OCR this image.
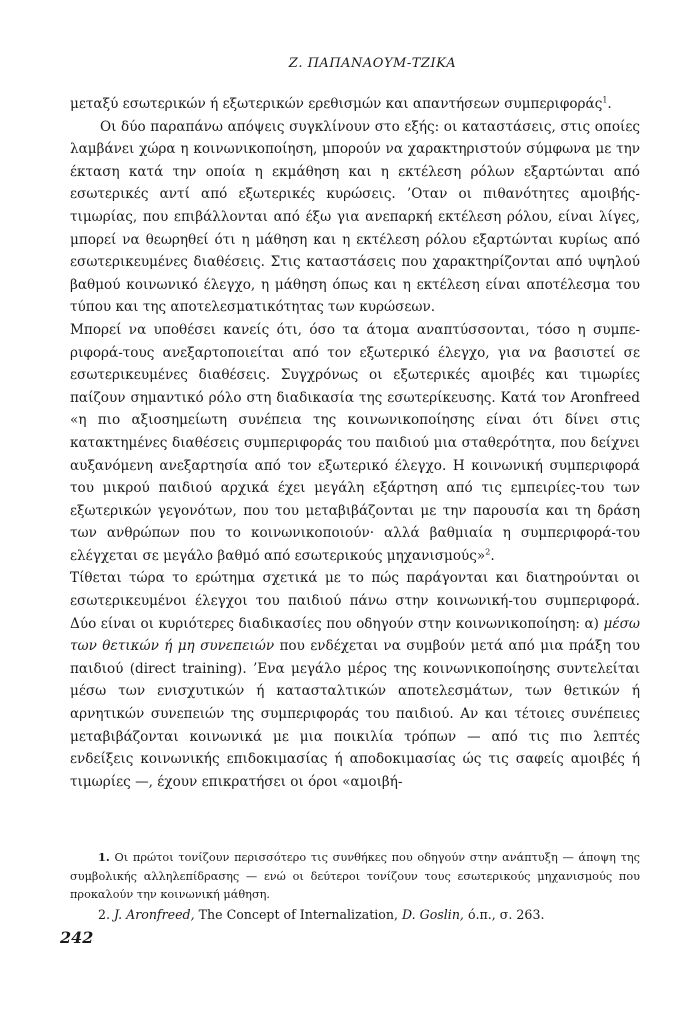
Ζ. ΠΑΠΑΝΑΟΥΜ-ΤΖΙΚΑ

μεταξύ εσωτερικών ή εξωτερικών ερεθισμών και απαντήσεων συμπεριφοράς$^1$.

Οι δύο παραπάνω απόψεις συγκλίνουν στο εξής: οι καταστάσεις, στις οποίες λαμβάνει χώρα η κοινωνικοποίηση, μπορούν να χαρακτηριστούν σύμφωνα με την έκταση κατά την οποία η εκμάθηση και η εκτέλεση ρόλων εξαρτώνται από εσωτερικές αντί από εξωτερικές κυρώσεις. ’Οταν οι πιθανότητες αμοιβής-τιμωρίας, που επιβάλλονται από έξω για ανεπαρκή εκτέλεση ρόλου, είναι λίγες, μπορεί να θεωρηθεί ότι η μάθηση και η εκτέλεση ρόλου εξαρτώνται κυρίως από εσωτερικευμένες διαθέσεις. Στις καταστάσεις που χαρακτηρίζονται από υψηλού βαθμού κοινωνικό έλεγχο, η μάθηση όπως και η εκτέλεση είναι αποτέλεσμα του τύπου και της αποτελεσματικότητας των κυρώσεων.

Μπορεί να υποθέσει κανείς ότι, όσο τα άτομα αναπτύσσονται, τόσο η συμπεριφορά-τους ανεξαρτοποιείται από τον εξωτερικό έλεγχο, για να βασιστεί σε εσωτερικευμένες διαθέσεις. Συγχρόνως οι εξωτερικές αμοιβές και τιμωρίες παίζουν σημαντικό ρόλο στη διαδικασία της εσωτερίκευσης. Κατά τον Aronfreed «η πιο αξιοσημείωτη συνέπεια της κοινωνικοποίησης είναι ότι δίνει στις κατακτημένες διαθέσεις συμπεριφοράς του παιδιού μια σταθερότητα, που δείχνει αυξανόμενη ανεξαρτησία από τον εξωτερικό έλεγχο. Η κοινωνική συμπεριφορά του μικρού παιδιού αρχικά έχει μεγάλη εξάρτηση από τις εμπειρίες-του των εξωτερικών γεγονότων, που του μεταβιβάζονται με την παρουσία και τη δράση των ανθρώπων που το κοινωνικοποιούν· αλλά βαθμιαία η συμπεριφορά-του ελέγχεται σε μεγάλο βαθμό από εσωτερικούς μηχανισμούς»$^2$.

Τίθεται τώρα το ερώτημα σχετικά με το πώς παράγονται και διατηρούνται οι εσωτερικευμένοι έλεγχοι του παιδιού πάνω στην κοινωνική-του συμπεριφορά. Δύο είναι οι κυριότερες διαδικασίες που οδηγούν στην κοινωνικοποίηση: α) μέσω των θετικών ή μη συνεπειών που ενδέχεται να συμβούν μετά από μια πράξη του παιδιού (direct training). ’Ενα μεγάλο μέρος της κοινωνικοποίησης συντελείται μέσω των ενισχυτικών ή κατασταλτικών αποτελεσμάτων, των θετικών ή αρνητικών συνεπειών της συμπεριφοράς του παιδιού. Αν και τέτοιες συνέπειες μεταβιβάζονται κοινωνικά με μια ποικιλία τρόπων — από τις πιο λεπτές ενδείξεις κοινωνικής επιδοκιμασίας ή αποδοκιμασίας ώς τις σαφείς αμοιβές ή τιμωρίες —, έχουν επικρατήσει οι όροι «αμοιβή-

1. Οι πρώτοι τονίζουν περισσότερο τις συνθήκες που οδηγούν στην ανάπτυξη — άποψη της συμβολικής αλληλεπίδρασης — ενώ οι δεύτεροι τονίζουν τους εσωτερικούς μηχανισμούς που προκαλούν την κοινωνική μάθηση.

2. J. Aronfreed, The Concept of Internalization, D. Goslin, ό.π., σ. 263.

242
